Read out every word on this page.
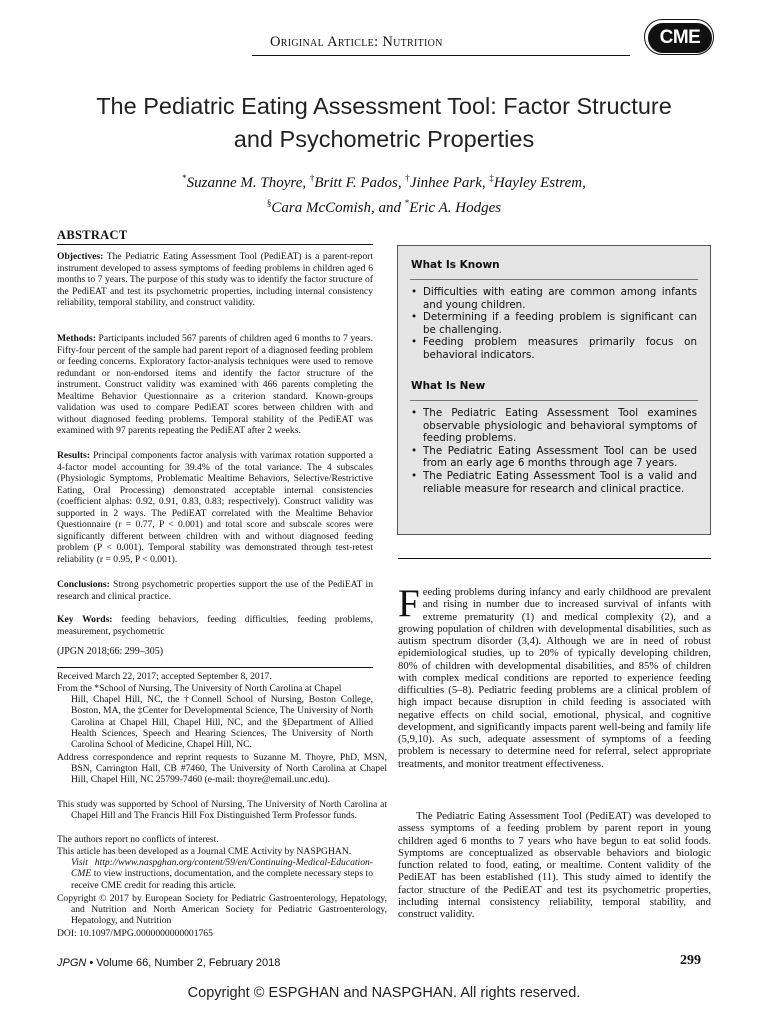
Original Article: Nutrition	CME
The Pediatric Eating Assessment Tool: Factor Structure
and Psychometric Properties
*Suzanne M. Thoyre, †Britt F. Pados, †Jinhee Park, ‡Hayley Estrem,
§Cara McComish, and *Eric A. Hodges
ABSTRACT
Objectives: The Pediatric Eating Assessment Tool (PediEAT) is a parent-report instrument developed to assess symptoms of feeding problems in children aged 6 months to 7 years. The purpose of this study was to identify the factor structure of the PediEAT and test its psychometric properties, including internal consistency reliability, temporal stability, and construct validity.
Methods: Participants included 567 parents of children aged 6 months to 7 years. Fifty-four percent of the sample had parent report of a diagnosed feeding problem or feeding concerns. Exploratory factor-analysis techniques were used to remove redundant or non-endorsed items and identify the factor structure of the instrument. Construct validity was examined with 466 parents completing the Mealtime Behavior Questionnaire as a criterion standard. Known-groups validation was used to compare PediEAT scores between children with and without diagnosed feeding problems. Temporal stability of the PediEAT was examined with 97 parents repeating the PediEAT after 2 weeks.
Results: Principal components factor analysis with varimax rotation supported a 4-factor model accounting for 39.4% of the total variance. The 4 subscales (Physiologic Symptoms, Problematic Mealtime Behaviors, Selective/Restrictive Eating, Oral Processing) demonstrated acceptable internal consistencies (coefficient alphas: 0.92, 0.91, 0.83, 0.83; respectively). Construct validity was supported in 2 ways. The PediEAT correlated with the Mealtime Behavior Questionnaire (r = 0.77, P < 0.001) and total score and subscale scores were significantly different between children with and without diagnosed feeding problem (P < 0.001). Temporal stability was demonstrated through test-retest reliability (r = 0.95, P < 0.001).
Conclusions: Strong psychometric properties support the use of the PediEAT in research and clinical practice.
Key Words: feeding behaviors, feeding difficulties, feeding problems, measurement, psychometric
(JPGN 2018;66: 299–305)
Received March 22, 2017; accepted September 8, 2017.
From the *School of Nursing, The University of North Carolina at Chapel
Hill, Chapel Hill, NC, the †Connell School of Nursing, Boston College, Boston, MA, the ‡Center for Developmental Science, The University of North Carolina at Chapel Hill, Chapel Hill, NC, and the §Department of Allied Health Sciences, Speech and Hearing Sciences, The University of North Carolina School of Medicine, Chapel Hill, NC.
Address correspondence and reprint requests to Suzanne M. Thoyre, PhD, MSN, BSN, Carrington Hall, CB #7460, The University of North Carolina at Chapel Hill, Chapel Hill, NC 25799-7460 (e-mail: thoyre@email.unc.edu).
This study was supported by School of Nursing, The University of North Carolina at Chapel Hill and The Francis Hill Fox Distinguished Term Professor funds.
The authors report no conflicts of interest.
This article has been developed as a Journal CME Activity by NASPGHAN.
Visit http://www.naspghan.org/content/59/en/Continuing-Medical-Education-CME to view instructions, documentation, and the complete necessary steps to receive CME credit for reading this article.
Copyright © 2017 by European Society for Pediatric Gastroenterology, Hepatology, and Nutrition and North American Society for Pediatric Gastroenterology, Hepatology, and Nutrition
DOI: 10.1097/MPG.0000000000001765
What Is Known
• Difficulties with eating are common among infants and young children.
• Determining if a feeding problem is significant can be challenging.
• Feeding problem measures primarily focus on behavioral indicators.
What Is New
• The Pediatric Eating Assessment Tool examines observable physiologic and behavioral symptoms of feeding problems.
• The Pediatric Eating Assessment Tool can be used from an early age 6 months through age 7 years.
• The Pediatric Eating Assessment Tool is a valid and reliable measure for research and clinical practice.
Feeding problems during infancy and early childhood are prevalent and rising in number due to increased survival of infants with extreme prematurity (1) and medical complexity (2), and a growing population of children with developmental disabilities, such as autism spectrum disorder (3,4). Although we are in need of robust epidemiological studies, up to 20% of typically developing children, 80% of children with developmental disabilities, and 85% of children with complex medical conditions are reported to experience feeding difficulties (5–8). Pediatric feeding problems are a clinical problem of high impact because disruption in child feeding is associated with negative effects on child social, emotional, physical, and cognitive development, and significantly impacts parent well-being and family life (5,9,10). As such, adequate assessment of symptoms of a feeding problem is necessary to determine need for referral, select appropriate treatments, and monitor treatment effectiveness.
The Pediatric Eating Assessment Tool (PediEAT) was developed to assess symptoms of a feeding problem by parent report in young children aged 6 months to 7 years who have begun to eat solid foods. Symptoms are conceptualized as observable behaviors and biologic function related to food, eating, or mealtime. Content validity of the PediEAT has been established (11). This study aimed to identify the factor structure of the PediEAT and test its psychometric properties, including internal consistency reliability, temporal stability, and construct validity.
JPGN • Volume 66, Number 2, February 2018	299
Copyright © ESPGHAN and NASPGHAN. All rights reserved.
